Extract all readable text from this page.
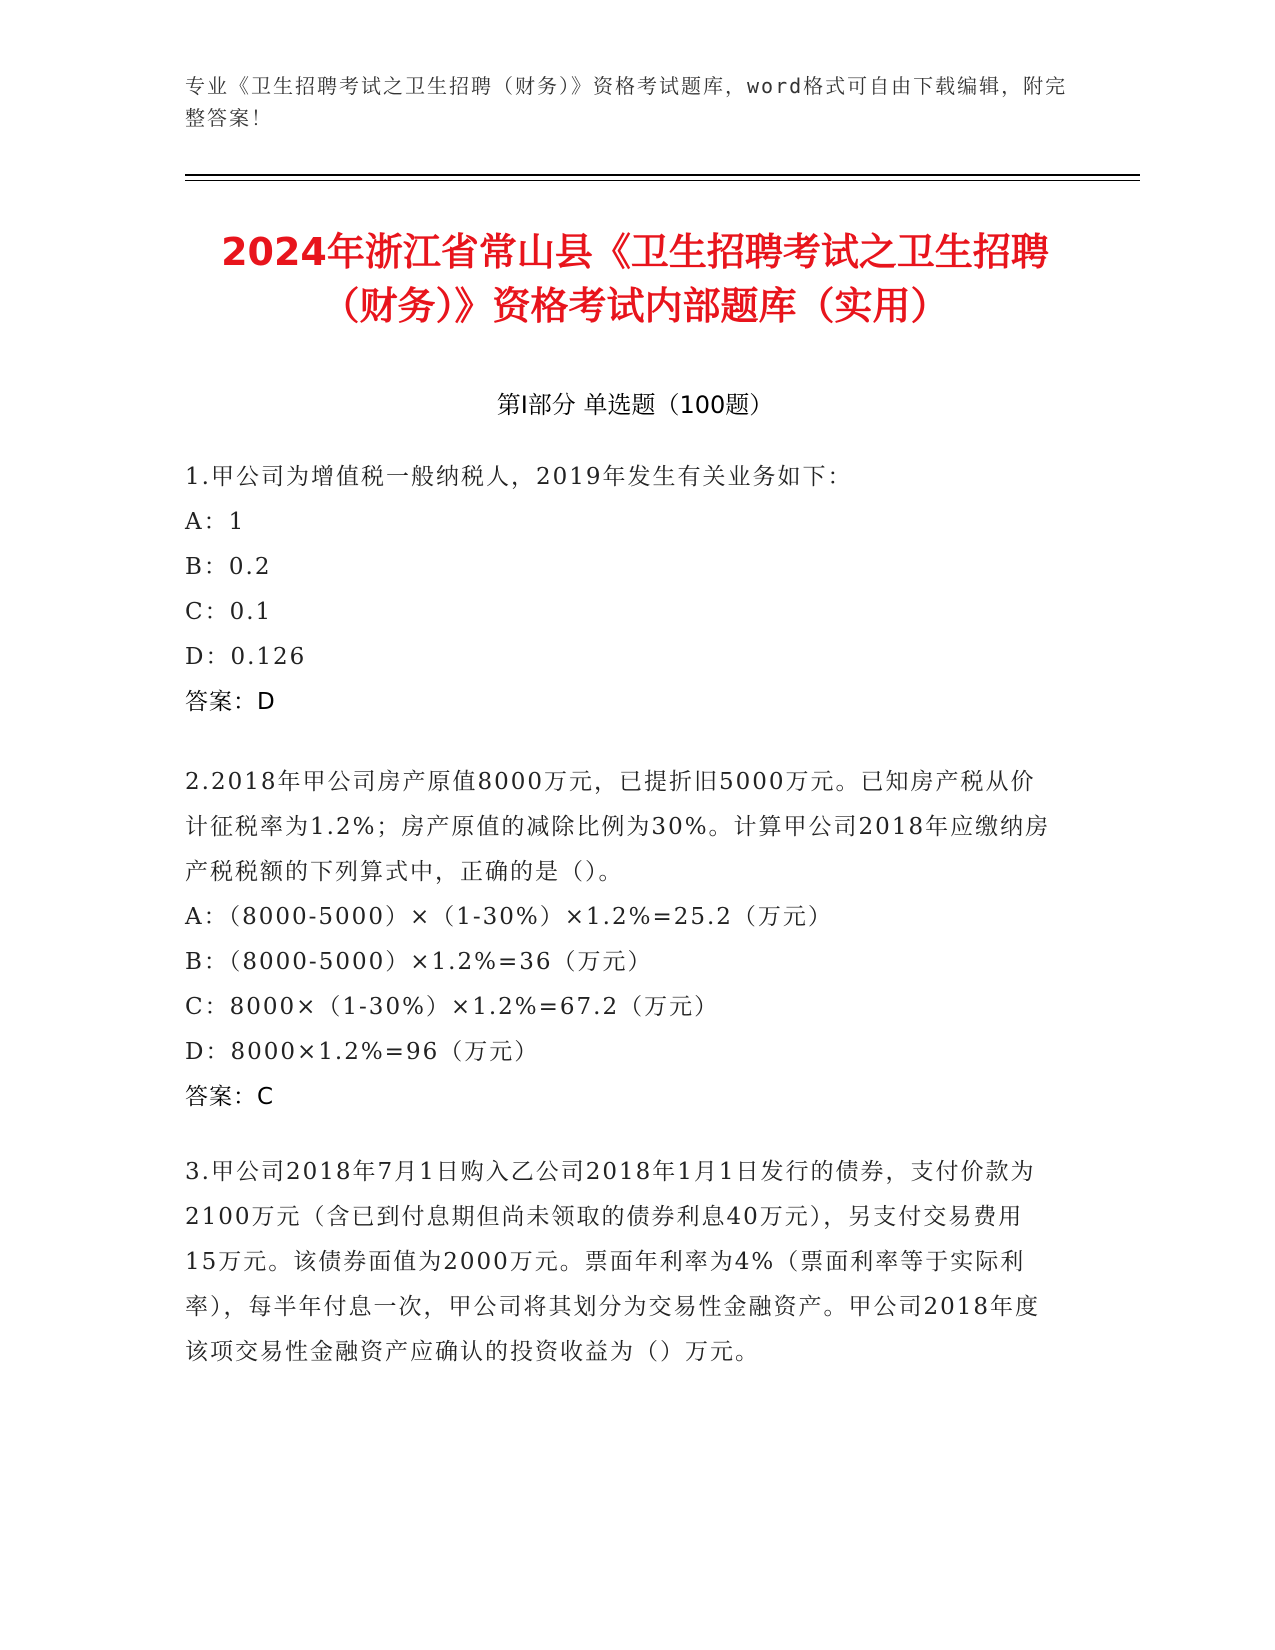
专业《卫生招聘考试之卫生招聘（财务）》资格考试题库，word格式可自由下载编辑，附完整答案！
2024年浙江省常山县《卫生招聘考试之卫生招聘（财务）》资格考试内部题库（实用）
第I部分 单选题（100题）
1.甲公司为增值税一般纳税人，2019年发生有关业务如下：
A：1
B：0.2
C：0.1
D：0.126
答案：D
2.2018年甲公司房产原值8000万元，已提折旧5000万元。已知房产税从价计征税率为1.2%；房产原值的减除比例为30%。计算甲公司2018年应缴纳房产税税额的下列算式中，正确的是（）。
A：（8000-5000）×（1-30%）×1.2%=25.2（万元）
B：（8000-5000）×1.2%=36（万元）
C：8000×（1-30%）×1.2%=67.2（万元）
D：8000×1.2%=96（万元）
答案：C
3.甲公司2018年7月1日购入乙公司2018年1月1日发行的债券，支付价款为2100万元（含已到付息期但尚未领取的债券利息40万元），另支付交易费用15万元。该债券面值为2000万元。票面年利率为4%（票面利率等于实际利率），每半年付息一次，甲公司将其划分为交易性金融资产。甲公司2018年度该项交易性金融资产应确认的投资收益为（）万元。
